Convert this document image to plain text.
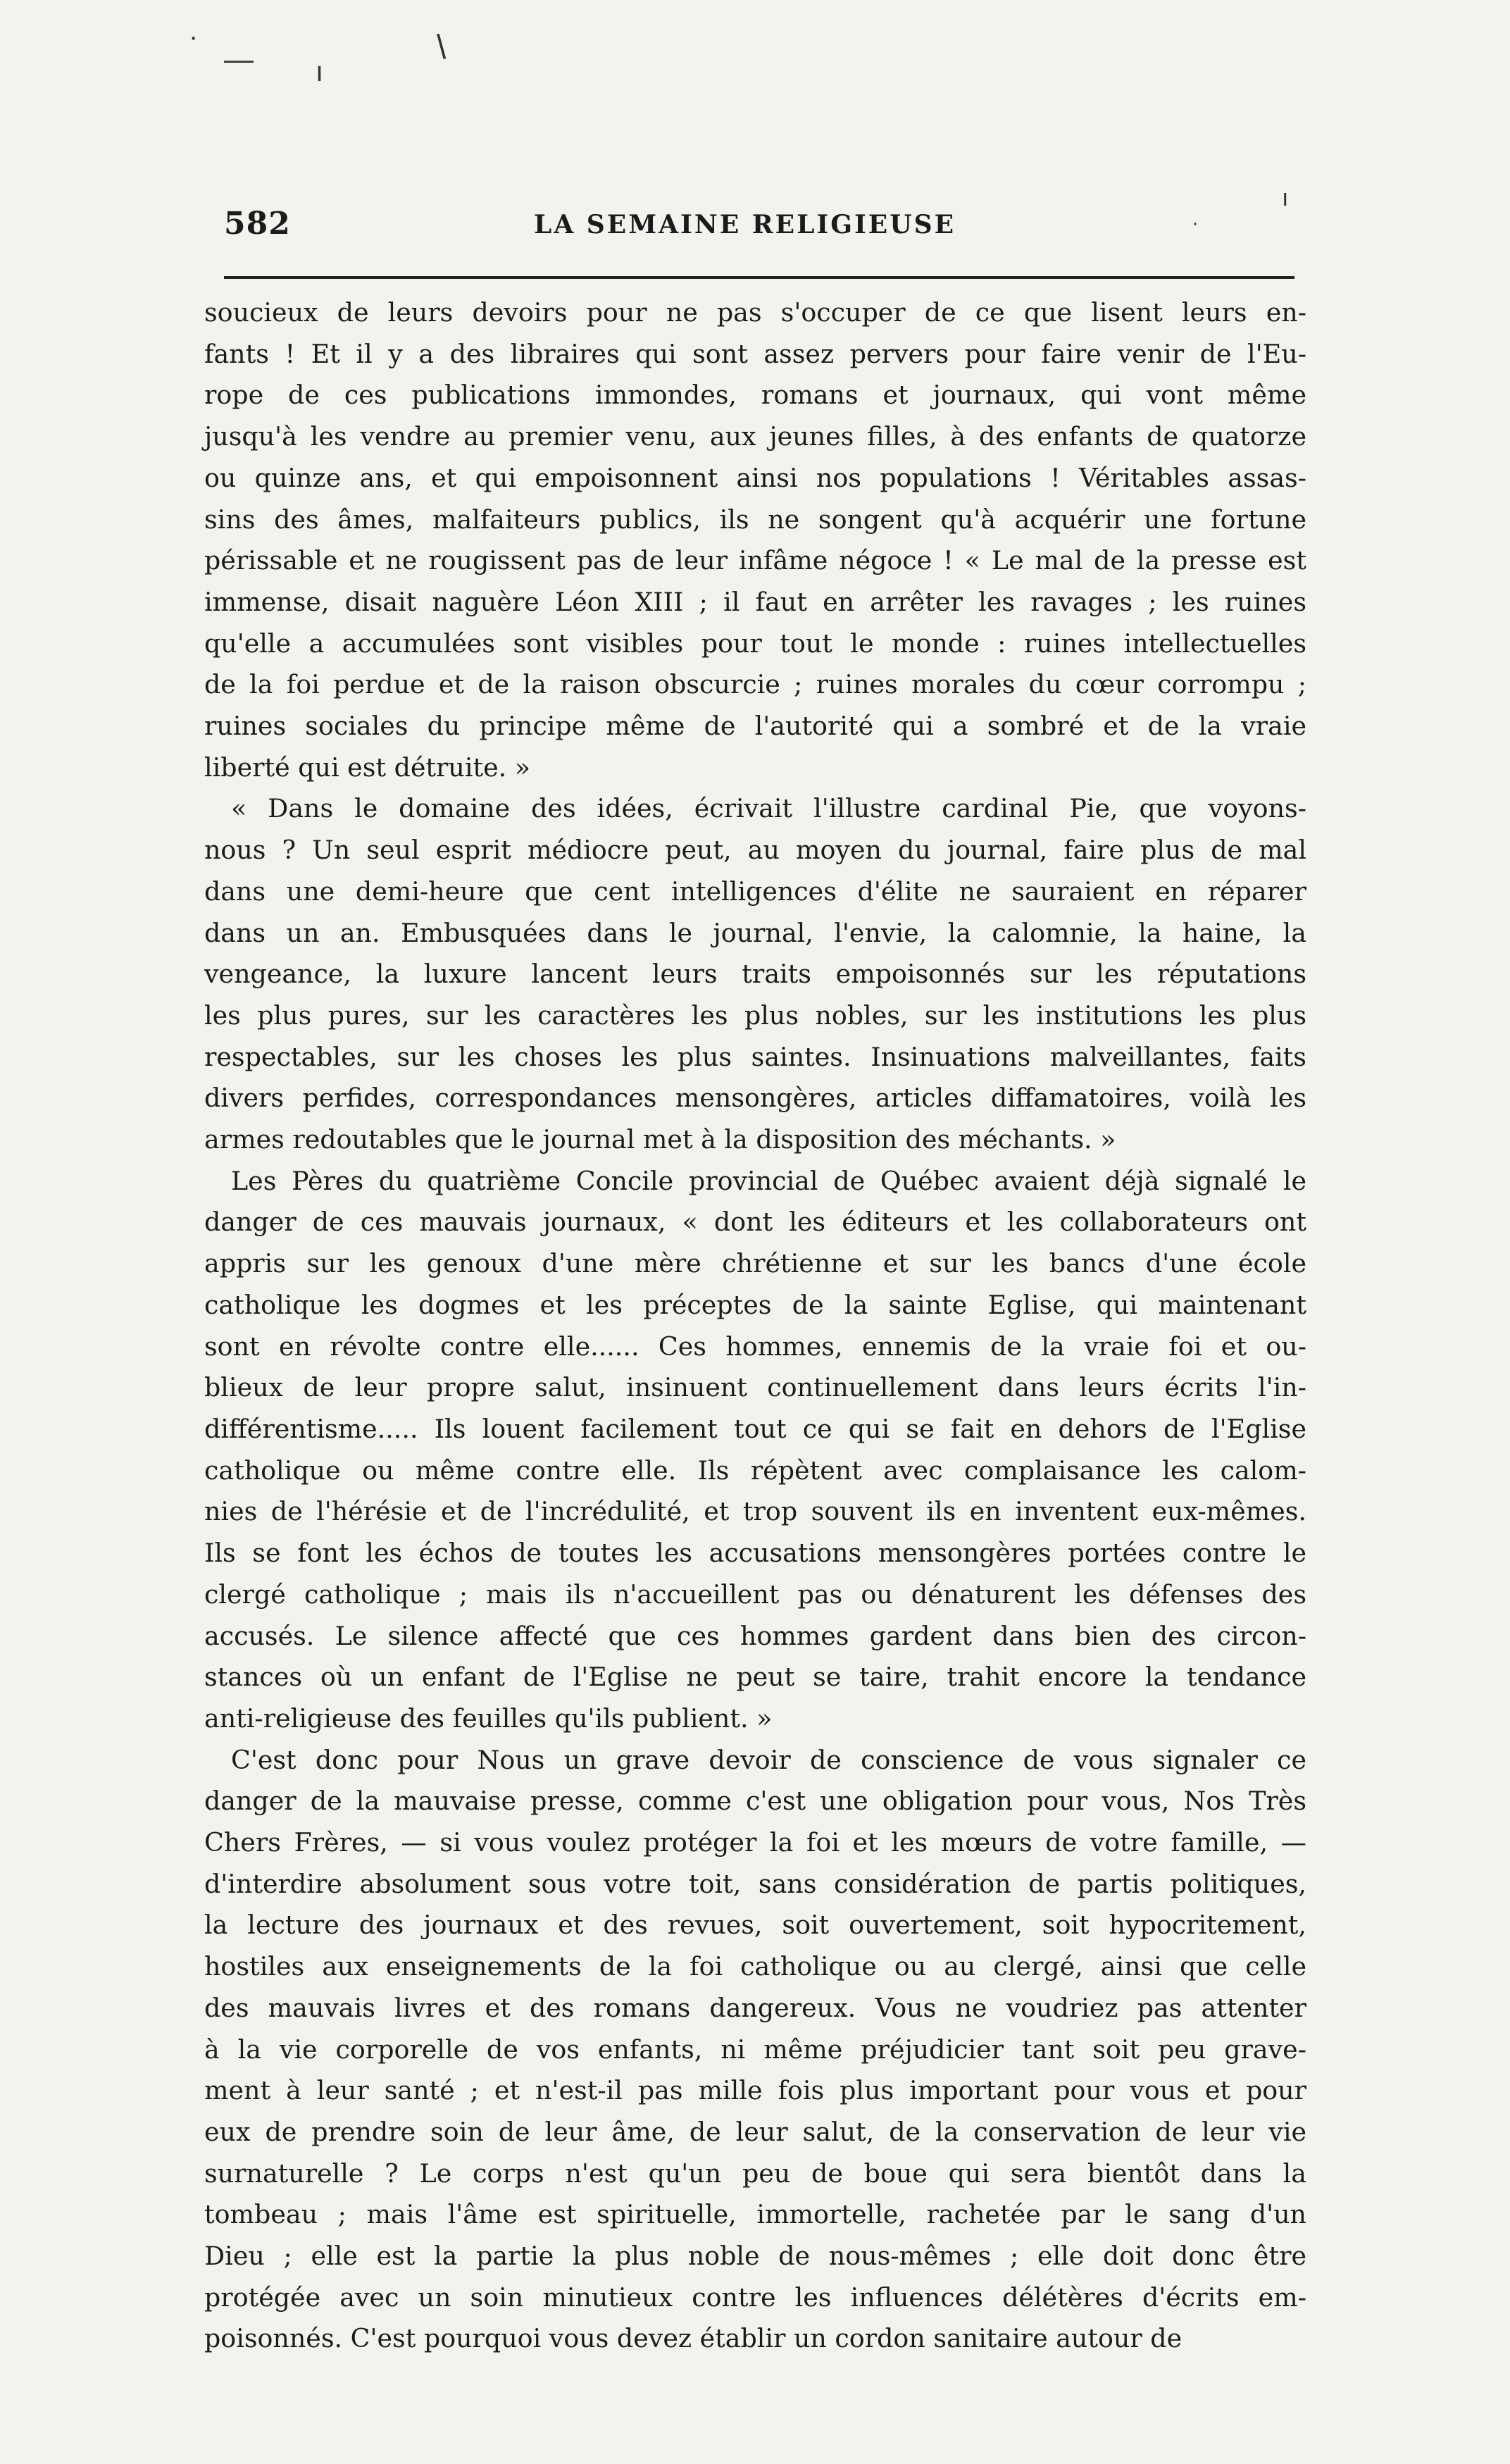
·
— ı
\
ı
·
582	LA SEMAINE RELIGIEUSE

soucieux de leurs devoirs pour ne pas s'occuper de ce que lisent leurs en-
fants ! Et il y a des libraires qui sont assez pervers pour faire venir de l'Eu-
rope de ces publications immondes, romans et journaux, qui vont même
jusqu'à les vendre au premier venu, aux jeunes filles, à des enfants de quatorze
ou quinze ans, et qui empoisonnent ainsi nos populations ! Véritables assas-
sins des âmes, malfaiteurs publics, ils ne songent qu'à acquérir une fortune
périssable et ne rougissent pas de leur infâme négoce ! « Le mal de la presse est
immense, disait naguère Léon XIII ; il faut en arrêter les ravages ; les ruines
qu'elle a accumulées sont visibles pour tout le monde : ruines intellectuelles
de la foi perdue et de la raison obscurcie ; ruines morales du cœur corrompu ;
ruines sociales du principe même de l'autorité qui a sombré et de la vraie
liberté qui est détruite. »

« Dans le domaine des idées, écrivait l'illustre cardinal Pie, que voyons-
nous ? Un seul esprit médiocre peut, au moyen du journal, faire plus de mal
dans une demi-heure que cent intelligences d'élite ne sauraient en réparer
dans un an. Embusquées dans le journal, l'envie, la calomnie, la haine, la
vengeance, la luxure lancent leurs traits empoisonnés sur les réputations
les plus pures, sur les caractères les plus nobles, sur les institutions les plus
respectables, sur les choses les plus saintes. Insinuations malveillantes, faits
divers perfides, correspondances mensongères, articles diffamatoires, voilà les
armes redoutables que le journal met à la disposition des méchants. »

Les Pères du quatrième Concile provincial de Québec avaient déjà signalé le
danger de ces mauvais journaux, « dont les éditeurs et les collaborateurs ont
appris sur les genoux d'une mère chrétienne et sur les bancs d'une école
catholique les dogmes et les préceptes de la sainte Eglise, qui maintenant
sont en révolte contre elle...... Ces hommes, ennemis de la vraie foi et ou-
blieux de leur propre salut, insinuent continuellement dans leurs écrits l'in-
différentisme..... Ils louent facilement tout ce qui se fait en dehors de l'Eglise
catholique ou même contre elle. Ils répètent avec complaisance les calom-
nies de l'hérésie et de l'incrédulité, et trop souvent ils en inventent eux-mêmes.
Ils se font les échos de toutes les accusations mensongères portées contre le
clergé catholique ; mais ils n'accueillent pas ou dénaturent les défenses des
accusés. Le silence affecté que ces hommes gardent dans bien des circon-
stances où un enfant de l'Eglise ne peut se taire, trahit encore la tendance
anti-religieuse des feuilles qu'ils publient. »

C'est donc pour Nous un grave devoir de conscience de vous signaler ce
danger de la mauvaise presse, comme c'est une obligation pour vous, Nos Très
Chers Frères, — si vous voulez protéger la foi et les mœurs de votre famille, —
d'interdire absolument sous votre toit, sans considération de partis politiques,
la lecture des journaux et des revues, soit ouvertement, soit hypocritement,
hostiles aux enseignements de la foi catholique ou au clergé, ainsi que celle
des mauvais livres et des romans dangereux. Vous ne voudriez pas attenter
à la vie corporelle de vos enfants, ni même préjudicier tant soit peu grave-
ment à leur santé ; et n'est-il pas mille fois plus important pour vous et pour
eux de prendre soin de leur âme, de leur salut, de la conservation de leur vie
surnaturelle ? Le corps n'est qu'un peu de boue qui sera bientôt dans la
tombeau ; mais l'âme est spirituelle, immortelle, rachetée par le sang d'un
Dieu ; elle est la partie la plus noble de nous-mêmes ; elle doit donc être
protégée avec un soin minutieux contre les influences délétères d'écrits em-
poisonnés. C'est pourquoi vous devez établir un cordon sanitaire autour de
